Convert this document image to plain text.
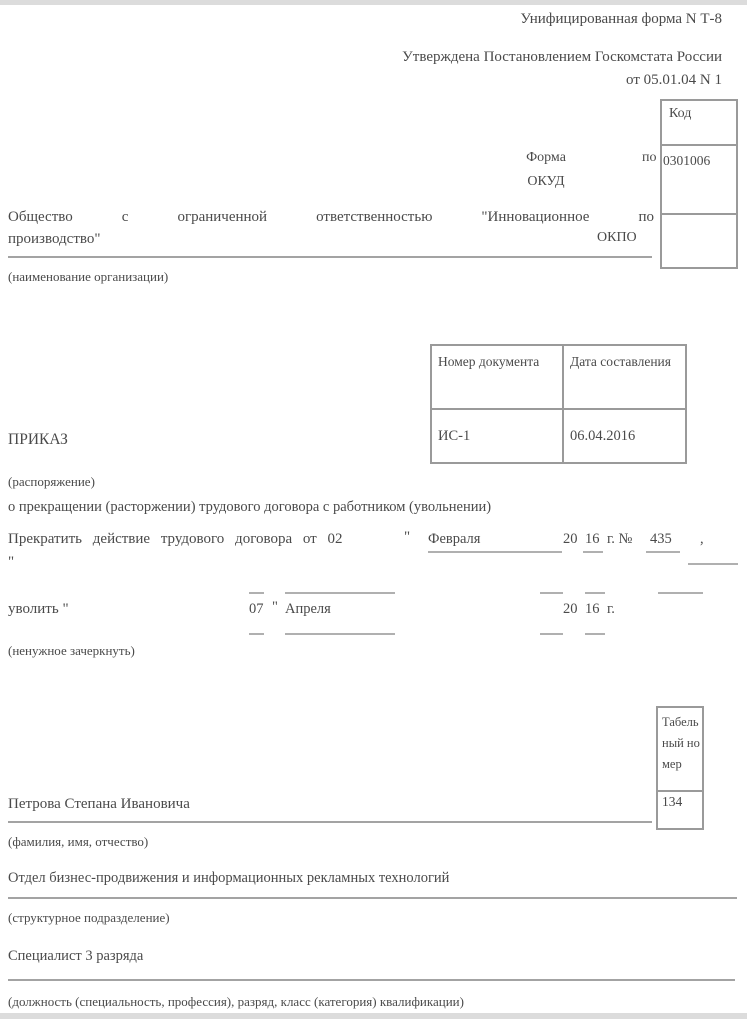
Унифицированная форма N Т-8
Утверждена Постановлением Госкомстата России
от 05.01.04 N 1
Код
0301006
Форма
ОКУД
по
ОКПО
Общество с ограниченной ответственностью "Инновационное по
производство"
(наименование организации)
Номер документа	Дата составления
ИС-1	06.04.2016
ПРИКАЗ
(распоряжение)
о прекращении (расторжении) трудового договора с работником (увольнении)
Прекратить действие трудового договора от 02	" Февраля	20 16 г. № 435 ,
"
уволить "	07 " Апреля	20 16 г.
(ненужное зачеркнуть)
Табельный номер
134
Петрова Степана Ивановича
(фамилия, имя, отчество)
Отдел бизнес-продвижения и информационных рекламных технологий
(структурное подразделение)
Специалист 3 разряда
(должность (специальность, профессия), разряд, класс (категория) квалификации)
